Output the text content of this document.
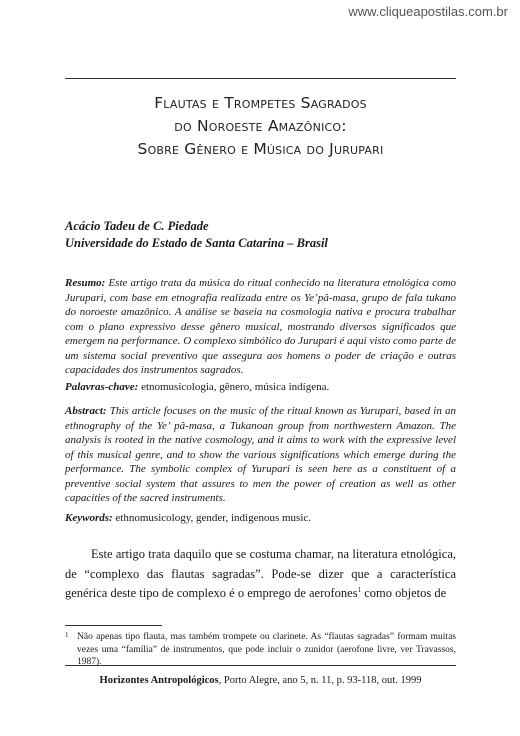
www.cliqueapostilas.com.br
Flautas e Trompetes Sagrados
do Noroeste Amazônico:
Sobre Gênero e Música do Jurupari
Acácio Tadeu de C. Piedade
Universidade do Estado de Santa Catarina – Brasil
Resumo: Este artigo trata da música do ritual conhecido na literatura etnológica como Jurupari, com base em etnografia realizada entre os Ye’pâ-masa, grupo de fala tukano do noroeste amazônico. A análise se baseia na cosmologia nativa e procura trabalhar com o plano expressivo desse gênero musical, mostrando diversos significados que emergem na performance. O complexo simbólico do Jurupari é aqui visto como parte de um sistema social preventivo que assegura aos homens o poder de criação e outras capacidades dos instrumentos sagrados.
Palavras-chave: etnomusicologia, gênero, música indígena.
Abstract: This article focuses on the music of the ritual known as Yurupari, based in an ethnography of the Ye’ pâ-masa, a Tukanoan group from northwestern Amazon. The analysis is rooted in the native cosmology, and it aims to work with the expressive level of this musical genre, and to show the various significations which emerge during the performance. The symbolic complex of Yurupari is seen here as a constituent of a preventive social system that assures to men the power of creation as well as other capacities of the sacred instruments.
Keywords: ethnomusicology, gender, indigenous music.
Este artigo trata daquilo que se costuma chamar, na literatura etnológica, de “complexo das flautas sagradas”. Pode-se dizer que a característica genérica deste tipo de complexo é o emprego de aerofones$^1$ como objetos de
1 Não apenas tipo flauta, mas também trompete ou clarinete. As “flautas sagradas” formam muitas vezes uma “família” de instrumentos, que pode incluir o zunidor (aerofone livre, ver Travassos, 1987).
Horizontes Antropológicos, Porto Alegre, ano 5, n. 11, p. 93-118, out. 1999
